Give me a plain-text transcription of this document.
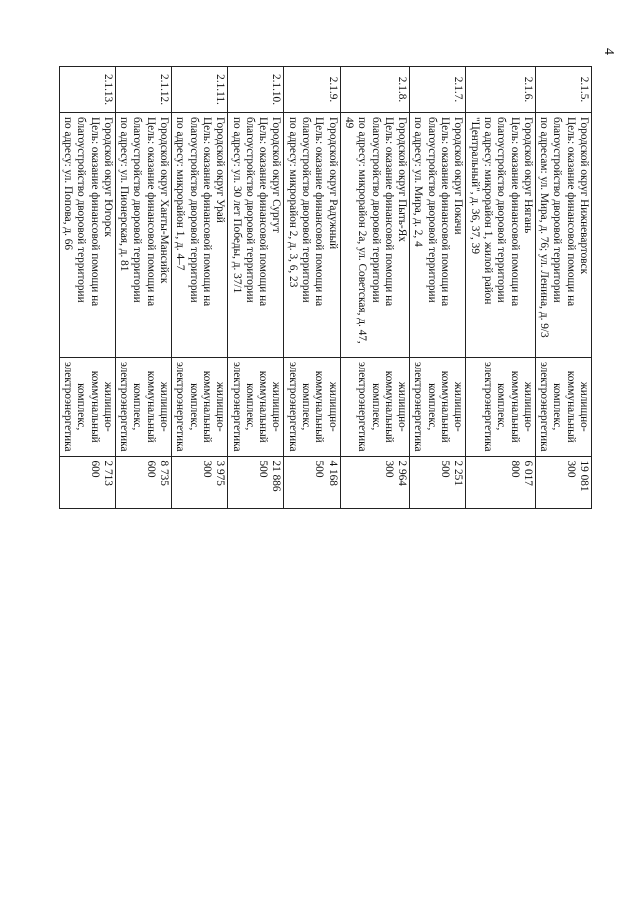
4
2.1.5.	Городской округ Нижневартовск
Цель: оказание финансовой помощи на благоустройство дворовой территории
по адресам: ул. Мира, д. 76; ул. Ленина, д. 9/3	жилищно-коммунальный
комплекс,
электроэнергетика	19 081 300
2.1.6.	Городской округ Нягань
Цель: оказание финансовой помощи на благоустройство дворовой территории
по адресу: микрорайон 1, жилой район "Центральный", д. 36, 37, 39	жилищно-коммунальный
комплекс,
электроэнергетика	6 017 800
2.1.7.	Городской округ Покачи
Цель: оказание финансовой помощи на благоустройство дворовой территории
по адресу: ул. Мира, д. 2, 4	жилищно-
коммунальный
комплекс,
электроэнергетика	2 251 500
2.1.8.	Городской округ Пыть-Ях
Цель: оказание финансовой помощи на благоустройство дворовой территории
по адресу: микрорайон 2а, ул. Советская, д. 47, 49	жилищно-
коммунальный
комплекс,
электроэнергетика	2 964 300
2.1.9.	Городской округ Радужный
Цель: оказание финансовой помощи на благоустройство дворовой территории
по адресу: микрорайон 2, д. 3, 6, 23	жилищно-
коммунальный
комплекс,
электроэнергетика	4 168 500
2.1.10.	Городской округ Сургут
Цель: оказание финансовой помощи на благоустройство дворовой территории
по адресу: ул. 30 лет Победы, д. 37/1	жилищно-
коммунальный
комплекс,
электроэнергетика	21 886 500
2.1.11.	Городской округ Урай
Цель: оказание финансовой помощи на благоустройство дворовой территории
по адресу: микрорайон 1, д. 4–7	жилищно-
коммунальный
комплекс,
электроэнергетика	3 975 300
2.1.12.	Городской округ Ханты-Мансийск
Цель: оказание финансовой помощи на благоустройство дворовой территории
по адресу: ул. Пионерская, д. 81	жилищно-
коммунальный
комплекс,
электроэнергетика	8 735 600
2.1.13.	Городской округ Югорск
Цель: оказание финансовой помощи на благоустройство дворовой территории
по адресу: ул. Попова, д. 66	жилищно-
коммунальный
комплекс,
электроэнергетика	2 713 600
